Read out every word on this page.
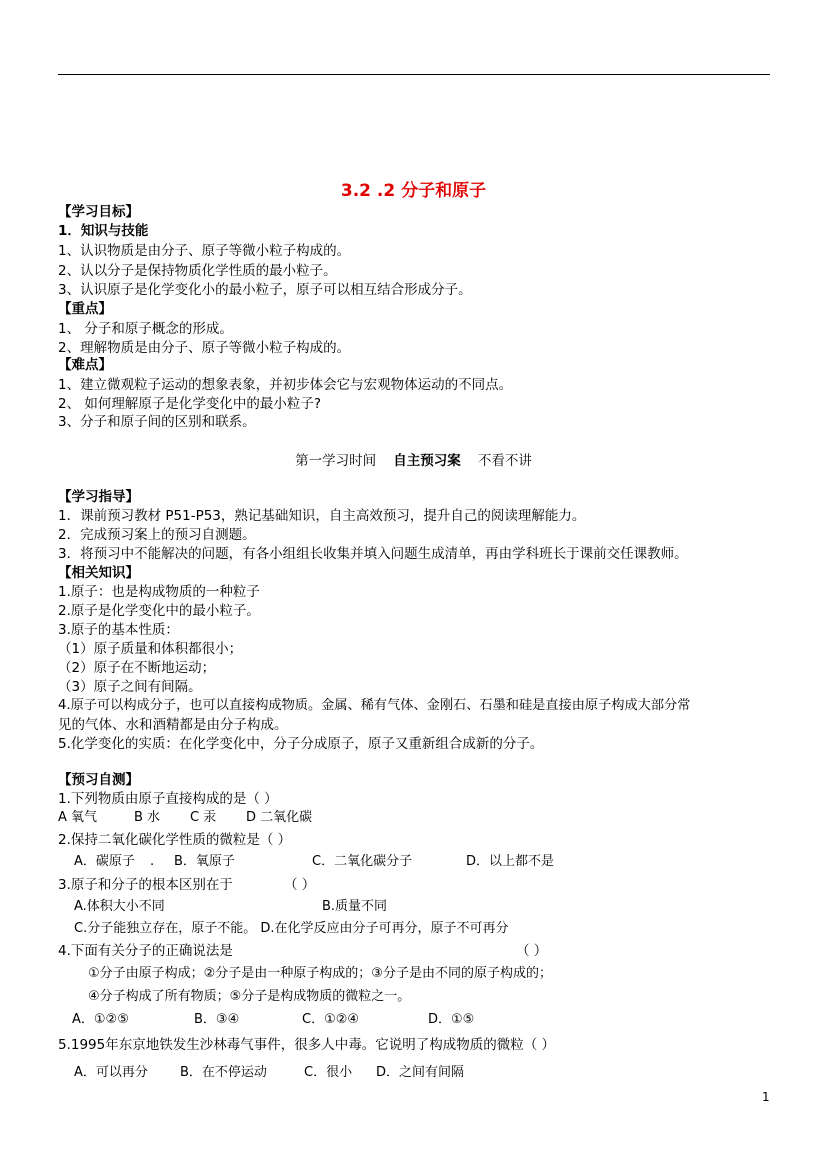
3.2 .2 分子和原子
【学习目标】
1．知识与技能
1、认识物质是由分子、原子等微小粒子构成的。
2、认以分子是保持物质化学性质的最小粒子。
3、认识原子是化学变化小的最小粒子，原子可以相互结合形成分子。
【重点】
1、 分子和原子概念的形成。
2、理解物质是由分子、原子等微小粒子构成的。
【难点】
1、建立微观粒子运动的想象表象，并初步体会它与宏观物体运动的不同点。
2、 如何理解原子是化学变化中的最小粒子?
3、分子和原子间的区别和联系。
第一学习时间 自主预习案 不看不讲
【学习指导】
1．课前预习教材 P51-P53，熟记基础知识，自主高效预习，提升自己的阅读理解能力。
2．完成预习案上的预习自测题。
3．将预习中不能解决的问题，有各小组组长收集并填入问题生成清单，再由学科班长于课前交任课教师。
【相关知识】
1.原子：也是构成物质的一种粒子
2.原子是化学变化中的最小粒子。
3.原子的基本性质：
（1）原子质量和体积都很小；
（2）原子在不断地运动；
（3）原子之间有间隔。
4.原子可以构成分子，也可以直接构成物质。金属、稀有气体、金刚石、石墨和硅是直接由原子构成大部分常
见的气体、水和酒精都是由分子构成。
5.化学变化的实质：在化学变化中，分子分成原子，原子又重新组合成新的分子。
【预习自测】
1.下列物质由原子直接构成的是（ ）
A 氧气	B 水 C 汞 D 二氧化碳
2.保持二氧化碳化学性质的微粒是（ ）
A．碳原子 . B．氧原子	C．二氧化碳分子	D．以上都不是
3.原子和分子的根本区别在于	（ ）
A.体积大小不同	B.质量不同
C.分子能独立存在，原子不能。 D.在化学反应由分子可再分，原子不可再分
4.下面有关分子的正确说法是	（ ）
①分子由原子构成；②分子是由一种原子构成的；③分子是由不同的原子构成的；
④分子构成了所有物质；⑤分子是构成物质的微粒之一。
A．①②⑤	B．③④	C．①②④	D．①⑤
5.1995年东京地铁发生沙林毒气事件，很多人中毒。它说明了构成物质的微粒（ ）
A．可以再分 B．在不停运动	C．很小 D．之间有间隔
1
